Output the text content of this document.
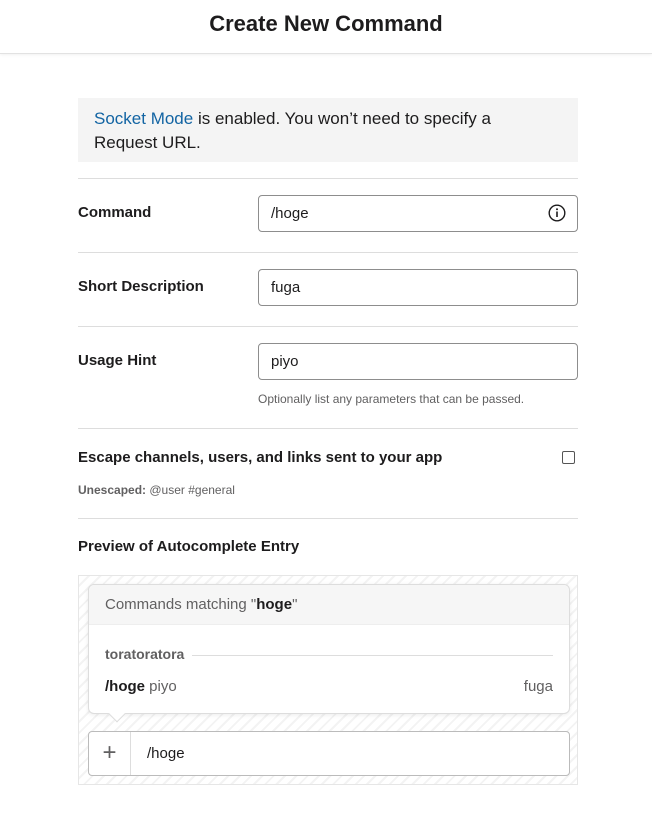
Create New Command
Socket Mode is enabled. You won’t need to specify a
Request URL.
Command	/hoge
Short Description	fuga
Usage Hint	piyo
Optionally list any parameters that can be passed.
Escape channels, users, and links sent to your app
Unescaped: @user #general
Preview of Autocomplete Entry
Commands matching "hoge"
toratoratora
/hoge piyo	fuga
+	/hoge
